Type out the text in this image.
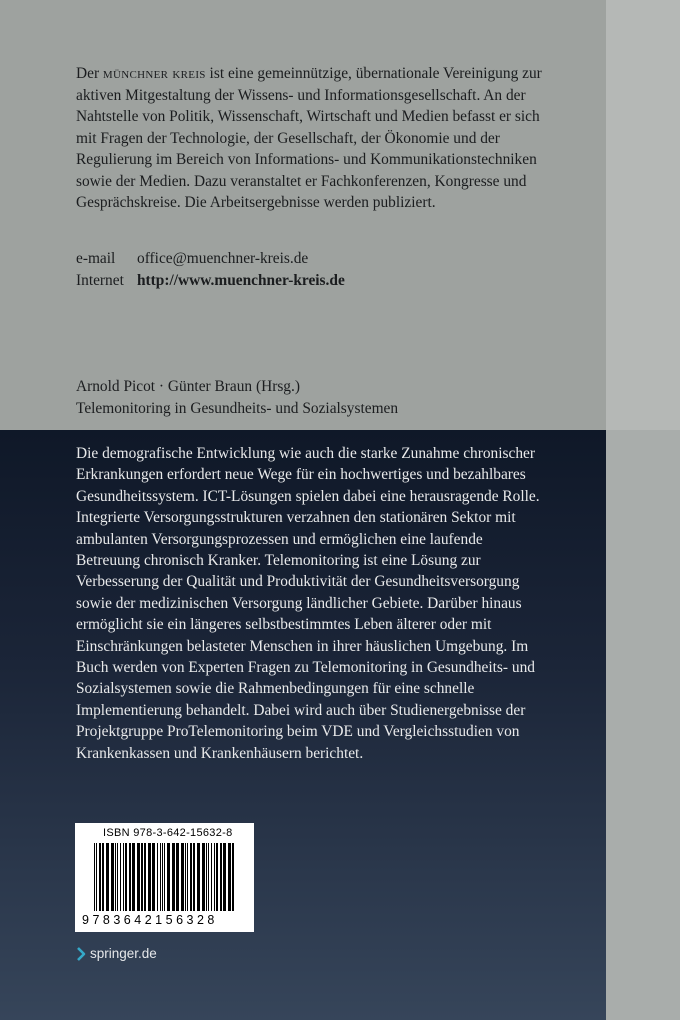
Der münchner kreis ist eine gemeinnützige, übernationale Vereinigung zur aktiven Mitgestaltung der Wissens- und Informationsgesellschaft. An der Nahtstelle von Politik, Wissenschaft, Wirtschaft und Medien befasst er sich mit Fragen der Technologie, der Gesellschaft, der Ökonomie und der Regulierung im Bereich von Informations- und Kommunikationstechniken sowie der Medien. Dazu veranstaltet er Fachkonferenzen, Kongresse und Gesprächskreise. Die Arbeitsergebnisse werden publiziert.

e-mail	office@muenchner-kreis.de
Internet http://www.muenchner-kreis.de
Arnold Picot · Günter Braun (Hrsg.)
Telemonitoring in Gesundheits- und Sozialsystemen

Die demografische Entwicklung wie auch die starke Zunahme chronischer Erkrankungen erfordert neue Wege für ein hochwertiges und bezahlbares Gesundheitssystem. ICT-Lösungen spielen dabei eine herausragende Rolle. Integrierte Versorgungsstrukturen verzahnen den stationären Sektor mit ambulanten Versorgungsprozessen und ermöglichen eine laufende Betreuung chronisch Kranker. Telemonitoring ist eine Lösung zur Verbesserung der Qualität und Produktivität der Gesundheitsversorgung sowie der medizinischen Versorgung ländlicher Gebiete. Darüber hinaus ermöglicht sie ein längeres selbstbestimmtes Leben älterer oder mit Einschränkungen belasteter Menschen in ihrer häuslichen Umgebung. Im Buch werden von Experten Fragen zu Telemonitoring in Gesundheits- und Sozialsystemen sowie die Rahmenbedingungen für eine schnelle Implementierung behandelt. Dabei wird auch über Studienergebnisse der Projektgruppe ProTelemonitoring beim VDE und Vergleichsstudien von Krankenkassen und Krankenhäusern berichtet.

ISBN 978-3-642-15632-8
9783642156328
springer.de
